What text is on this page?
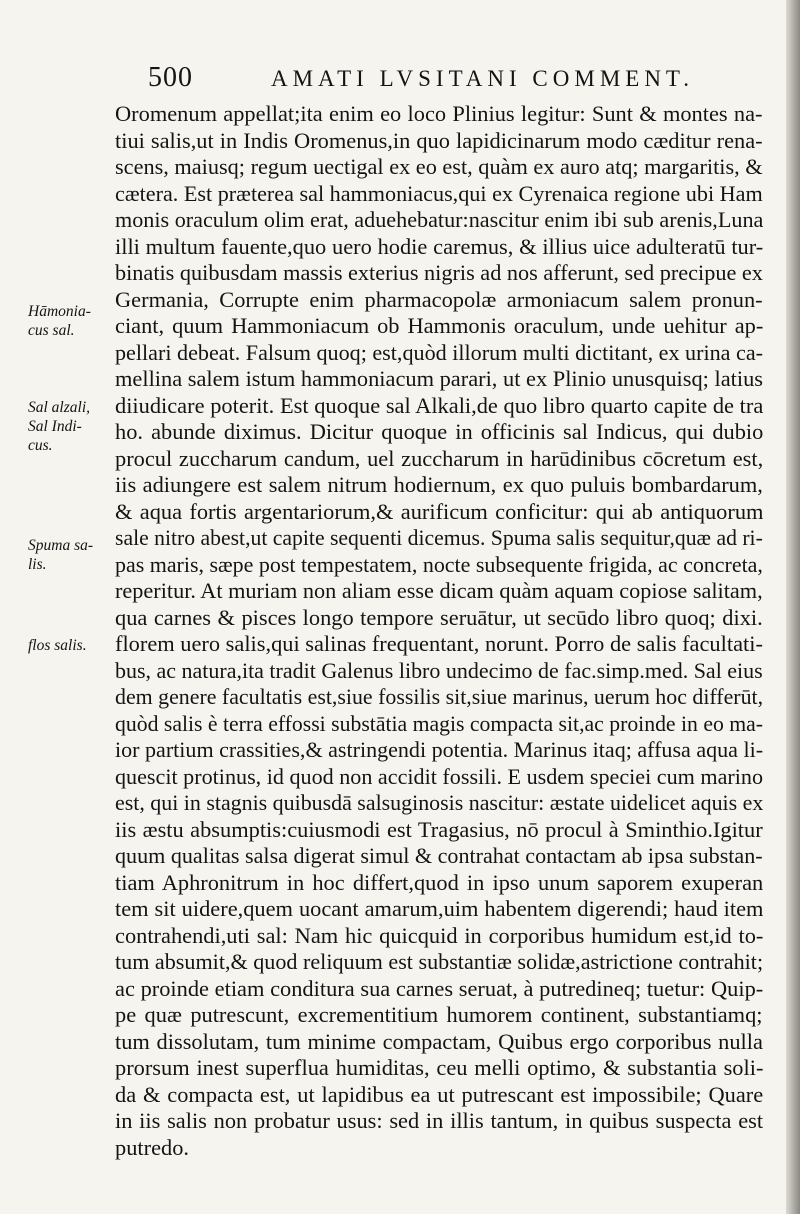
500	AMATI LVSITANI COMMENT.
Hāmonia- cus sal.
Sal alzali, Sal Indi- cus.
Spuma sa- lis.
flos salis.
Oromenum appellat;ita enim eo loco Plinius legitur: Sunt & montes na-
tiui salis,ut in Indis Oromenus,in quo lapidicinarum modo cæditur rena-
scens, maiusq; regum uectigal ex eo est, quàm ex auro atq; margaritis, &
cætera. Est præterea sal hammoniacus,qui ex Cyrenaica regione ubi Ham
monis oraculum olim erat, aduehebatur:nascitur enim ibi sub arenis,Luna
illi multum fauente,quo uero hodie caremus, & illius uice adulteratū tur-
binatis quibusdam massis exterius nigris ad nos afferunt, sed precipue ex
Germania, Corrupte enim pharmacopolæ armoniacum salem pronun-
ciant, quum Hammoniacum ob Hammonis oraculum, unde uehitur ap-
pellari debeat. Falsum quoq; est,quòd illorum multi dictitant, ex urina ca-
mellina salem istum hammoniacum parari, ut ex Plinio unusquisq; latius
diiudicare poterit. Est quoque sal Alkali,de quo libro quarto capite de tra
ho. abunde diximus. Dicitur quoque in officinis sal Indicus, qui dubio
procul zuccharum candum, uel zuccharum in harūdinibus cōcretum est,
iis adiungere est salem nitrum hodiernum, ex quo puluis bombardarum,
& aqua fortis argentariorum,& aurificum conficitur: qui ab antiquorum
sale nitro abest,ut capite sequenti dicemus. Spuma salis sequitur,quæ ad ri-
pas maris, sæpe post tempestatem, nocte subsequente frigida, ac concreta,
reperitur. At muriam non aliam esse dicam quàm aquam copiose salitam,
qua carnes & pisces longo tempore seruātur, ut secūdo libro quoq; dixi.
florem uero salis,qui salinas frequentant, norunt. Porro de salis facultati-
bus, ac natura,ita tradit Galenus libro undecimo de fac.simp.med. Sal eius
dem genere facultatis est,siue fossilis sit,siue marinus, uerum hoc differūt,
quòd salis è terra effossi substātia magis compacta sit,ac proinde in eo ma-
ior partium crassities,& astringendi potentia. Marinus itaq; affusa aqua li-
quescit protinus, id quod non accidit fossili. E usdem speciei cum marino
est, qui in stagnis quibusdā salsuginosis nascitur: æstate uidelicet aquis ex
iis æstu absumptis:cuiusmodi est Tragasius, nō procul à Sminthio.Igitur
quum qualitas salsa digerat simul & contrahat contactam ab ipsa substan-
tiam Aphronitrum in hoc differt,quod in ipso unum saporem exuperan
tem sit uidere,quem uocant amarum,uim habentem digerendi; haud item
contrahendi,uti sal: Nam hic quicquid in corporibus humidum est,id to-
tum absumit,& quod reliquum est substantiæ solidæ,astrictione contrahit;
ac proinde etiam conditura sua carnes seruat, à putredineq; tuetur: Quip-
pe quæ putrescunt, excrementitium humorem continent, substantiamq;
tum dissolutam, tum minime compactam, Quibus ergo corporibus nulla
prorsum inest superflua humiditas, ceu melli optimo, & substantia soli-
da & compacta est, ut lapidibus ea ut putrescant est impossibile; Quare
in iis salis non probatur usus: sed in illis tantum, in quibus suspecta est
putredo.
